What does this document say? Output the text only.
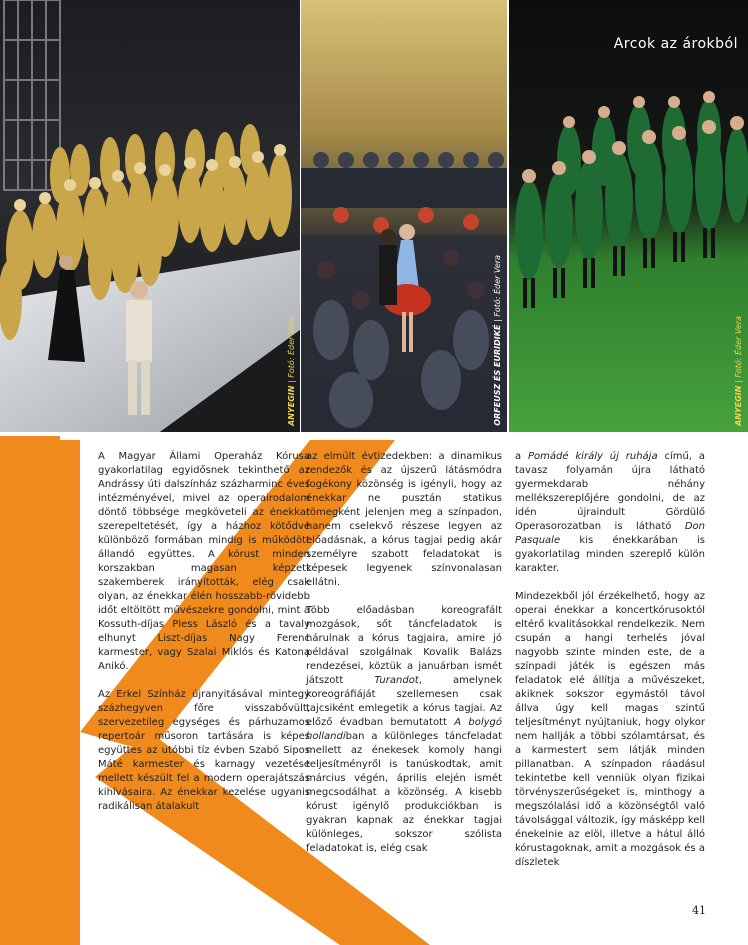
ANYEGIN | Fotó: Éder Vera	ORFEUSZ ÉS EURIDIKÉ | Fotó: Éder Vera
Arcok az árokból
ANYEGIN | Fotó: Éder Vera

A Magyar Állami Operaház Kórusa gyakorlatilag egyidősnek tekinthető az Andrássy úti dalszínház százharminc éves intézményével, mivel az operairodalom döntő többsége megköveteli az énekkar szerepeltetését, így a házhoz kötődve különböző formában mindig is működött állandó együttes. A kórust minden korszakban magasan képzett szakemberek irányították, elég csak olyan, az énekkar élén hosszabb-rövidebb időt eltöltött művészekre gondolni, mint a Kossuth-díjas Pless László és a tavaly elhunyt Liszt-díjas Nagy Ferenc karmester, vagy Szalai Miklós és Katona Anikó.

Az Erkel Színház újranyitásával mintegy százhegyven főre visszabővült, szervezetileg egységes és párhuzamos repertoár műsoron tartására is képes együttes az utóbbi tíz évben Szabó Sipos Máté karmester és karnagy vezetése mellett készült fel a modern operajátszás kihívásaira. Az énekkar kezelése ugyanis radikálisan átalakult

az elmúlt évtizedekben: a dinamikus rendezők és az újszerű látásmódra fogékony közönség is igényli, hogy az énekkar ne pusztán statikus tömegként jelenjen meg a színpadon, hanem cselekvő részese legyen az előadásnak, a kórus tagjai pedig akár személyre szabott feladatokat is képesek legyenek színvonalasan ellátni.

Több előadásban koreografált mozgások, sőt táncfeladatok is hárulnak a kórus tagjaira, amire jó példával szolgálnak Kovalik Balázs rendezései, köztük a januárban ismét játszott Turandot, amelynek koreográfiáját szellemesen csak tajcsiként emlegetik a kórus tagjai. Az előző évadban bemutatott A bolygó hollandiban a különleges táncfeladat mellett az énekesek komoly hangi teljesítményről is tanúskodtak, amit március végén, április elején ismét megcsodálhat a közönség. A kisebb kórust igénylő produkciókban is gyakran kapnak az énekkar tagjai különleges, sokszor szólista feladatokat is, elég csak

a Pomádé király új ruhája című, a tavasz folyamán újra látható gyermekdarab néhány mellékszereplőjére gondolni, de az idén újraindult Gördülő Operasorozatban is látható Don Pasquale kis énekkarában is gyakorlatilag minden szereplő külön karakter.

Mindezekből jól érzékelhető, hogy az operai énekkar a koncertkórusoktól eltérő kvalitásokkal rendelkezik. Nem csupán a hangi terhelés jóval nagyobb szinte minden este, de a színpadi játék is egészen más feladatok elé állítja a művészeket, akiknek sokszor egymástól távol állva úgy kell magas szintű teljesítményt nyújtaniuk, hogy olykor nem hallják a többi szólamtársat, és a karmestert sem látják minden pillanatban. A színpadon ráadásul tekintetbe kell venniük olyan fizikai törvényszerűségeket is, minthogy a megszólalási idő a közönségtől való távolsággal változik, így másképp kell énekelnie az elöl, illetve a hátul álló kórustagoknak, amit a mozgások és a díszletek

41
